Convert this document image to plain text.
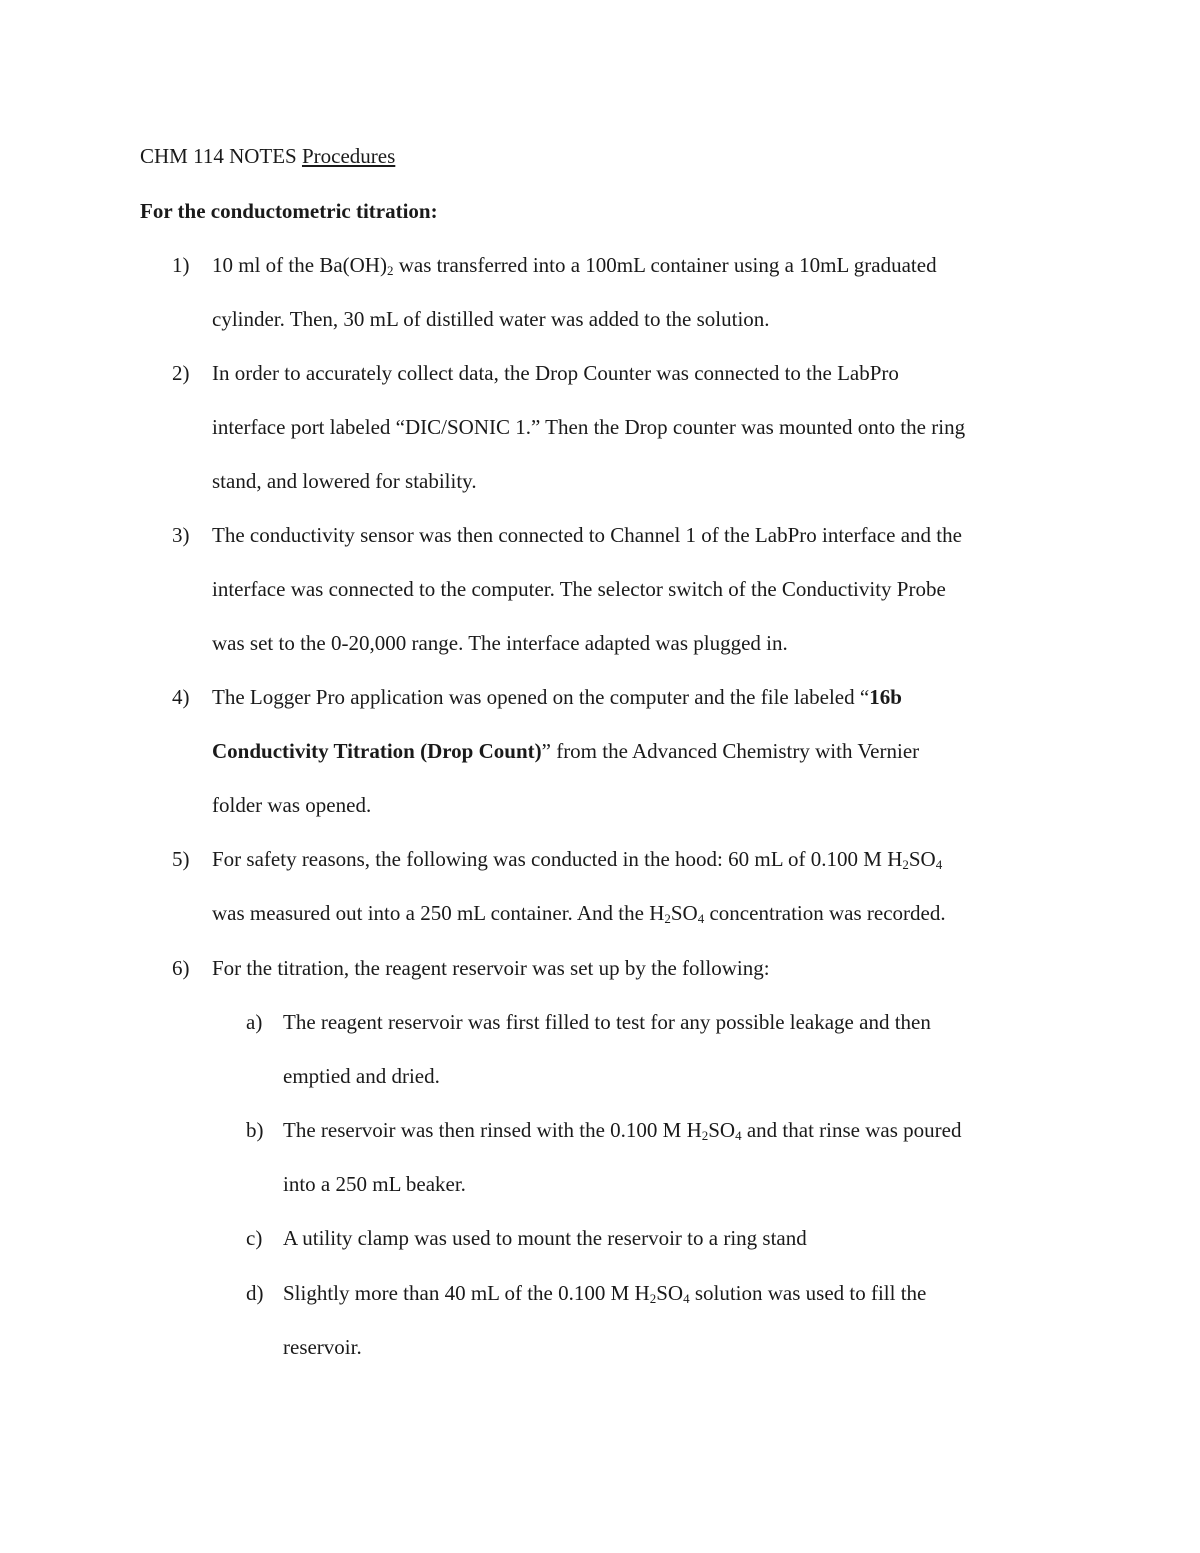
CHM 114 NOTES Procedures
For the conductometric titration:
1) 10 ml of the $Ba(OH)_2$ was transferred into a 100mL container using a 10mL graduated
cylinder. Then, 30 mL of distilled water was added to the solution.
2) In order to accurately collect data, the Drop Counter was connected to the LabPro
interface port labeled “DIC/SONIC 1.” Then the Drop counter was mounted onto the ring
stand, and lowered for stability.
3) The conductivity sensor was then connected to Channel 1 of the LabPro interface and the
interface was connected to the computer. The selector switch of the Conductivity Probe
was set to the 0-20,000 range. The interface adapted was plugged in.
4) The Logger Pro application was opened on the computer and the file labeled “16b
Conductivity Titration (Drop Count)” from the Advanced Chemistry with Vernier
folder was opened.
5) For safety reasons, the following was conducted in the hood: 60 mL of 0.100 M $H_2SO_4$
was measured out into a 250 mL container. And the $H_2SO_4$ concentration was recorded.
6) For the titration, the reagent reservoir was set up by the following:
a) The reagent reservoir was first filled to test for any possible leakage and then
emptied and dried.
b) The reservoir was then rinsed with the 0.100 M $H_2SO_4$ and that rinse was poured
into a 250 mL beaker.
c) A utility clamp was used to mount the reservoir to a ring stand
d) Slightly more than 40 mL of the 0.100 M $H_2SO_4$ solution was used to fill the
reservoir.
